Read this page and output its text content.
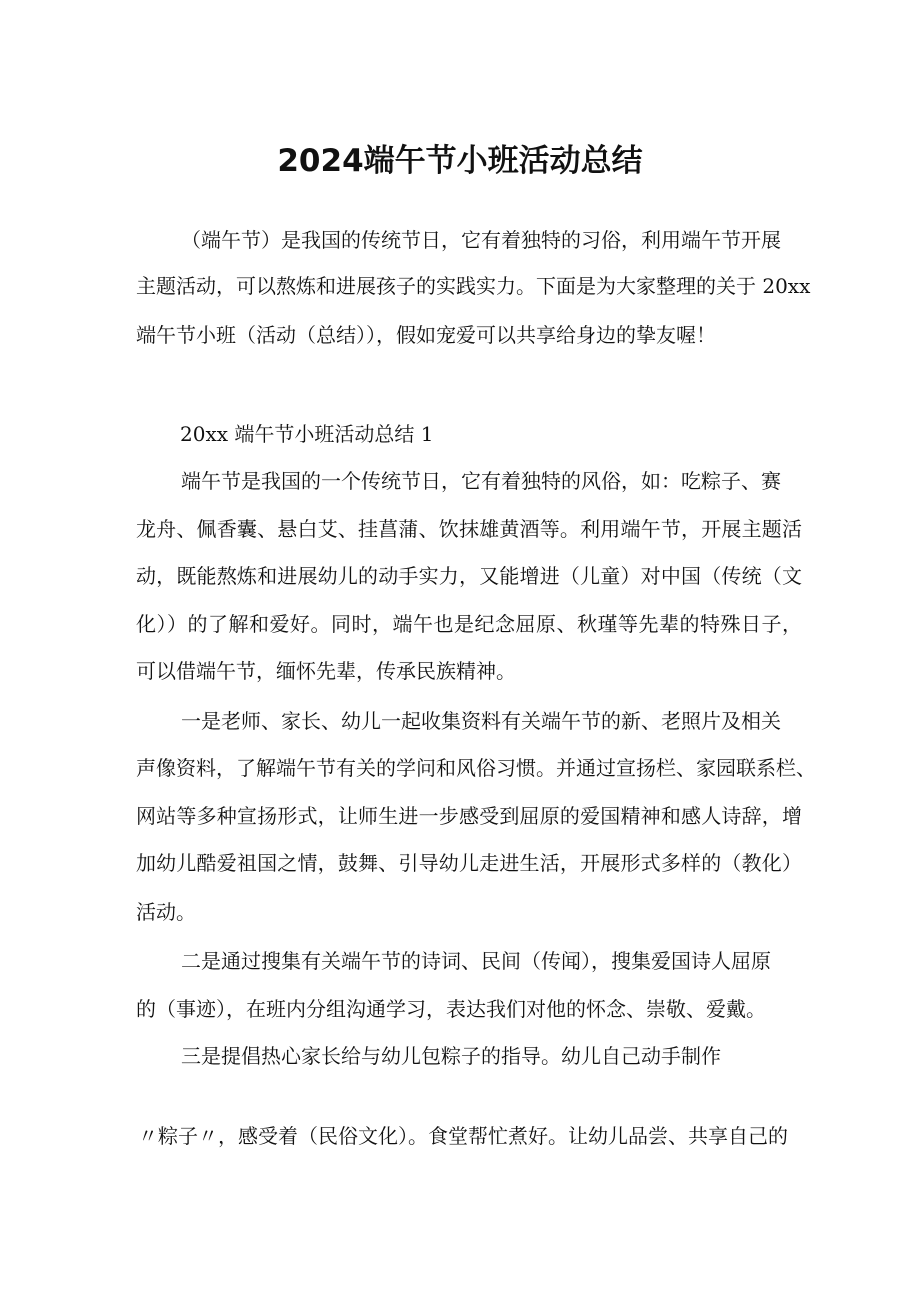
2024端午节小班活动总结
（端午节）是我国的传统节日，它有着独特的习俗，利用端午节开展
主题活动，可以熬炼和进展孩子的实践实力。下面是为大家整理的关于 20xx
端午节小班（活动（总结）），假如宠爱可以共享给身边的挚友喔！
20xx 端午节小班活动总结 1
端午节是我国的一个传统节日，它有着独特的风俗，如：吃粽子、赛
龙舟、佩香囊、悬白艾、挂菖蒲、饮抹雄黄酒等。利用端午节，开展主题活
动，既能熬炼和进展幼儿的动手实力，又能增进（儿童）对中国（传统（文
化））的了解和爱好。同时，端午也是纪念屈原、秋瑾等先辈的特殊日子，
可以借端午节，缅怀先辈，传承民族精神。
一是老师、家长、幼儿一起收集资料有关端午节的新、老照片及相关
声像资料，了解端午节有关的学问和风俗习惯。并通过宣扬栏、家园联系栏、
网站等多种宣扬形式，让师生进一步感受到屈原的爱国精神和感人诗辞，增
加幼儿酷爱祖国之情，鼓舞、引导幼儿走进生活，开展形式多样的（教化）
活动。
二是通过搜集有关端午节的诗词、民间（传闻），搜集爱国诗人屈原
的（事迹），在班内分组沟通学习，表达我们对他的怀念、崇敬、爱戴。
三是提倡热心家长给与幼儿包粽子的指导。幼儿自己动手制作
〃粽子〃，感受着（民俗文化）。食堂帮忙煮好。让幼儿品尝、共享自己的
